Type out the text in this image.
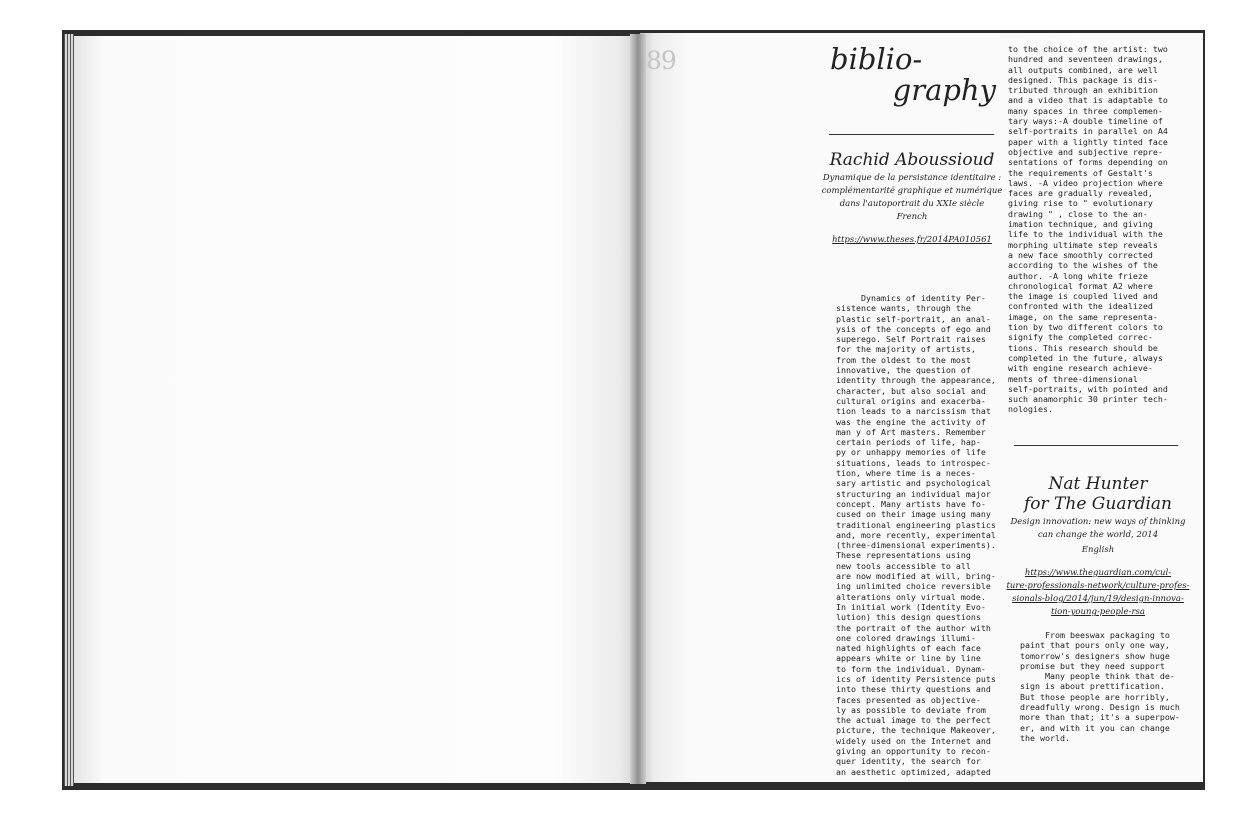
89	biblio-
graphy
Rachid Aboussioud
Dynamique de la persistance identitaire :
complémentarité graphique et numérique
dans l'autoportrait du XXIe siècle
French
https://www.theses.fr/2014PA010561
Dynamics of identity Per-
sistence wants, through the
plastic self-portrait, an anal-
ysis of the concepts of ego and
superego. Self Portrait raises
for the majority of artists,
from the oldest to the most
innovative, the question of
identity through the appearance,
character, but also social and
cultural origins and exacerba-
tion leads to a narcissism that
was the engine the activity of
man y of Art masters. Remember
certain periods of life, hap-
py or unhappy memories of life
situations, leads to introspec-
tion, where time is a neces-
sary artistic and psychological
structuring an individual major
concept. Many artists have fo-
cused on their image using many
traditional engineering plastics
and, more recently, experimental
(three-dimensional experiments).
These representations using
new tools accessible to all
are now modified at will, bring-
ing unlimited choice reversible
alterations only virtual mode.
In initial work (Identity Evo-
lution) this design questions
the portrait of the author with
one colored drawings illumi-
nated highlights of each face
appears white or line by line
to form the individual. Dynam-
ics of identity Persistence puts
into these thirty questions and
faces presented as objective-
ly as possible to deviate from
the actual image to the perfect
picture, the technique Makeover,
widely used on the Internet and
giving an opportunity to recon-
quer identity, the search for
an aesthetic optimized, adapted
to the choice of the artist: two
hundred and seventeen drawings,
all outputs combined, are well
designed. This package is dis-
tributed through an exhibition
and a video that is adaptable to
many spaces in three complemen-
tary ways:-A double timeline of
self-portraits in parallel on A4
paper with a lightly tinted face
objective and subjective repre-
sentations of forms depending on
the requirements of Gestalt's
laws. -A video projection where
faces are gradually revealed,
giving rise to " evolutionary
drawing " , close to the an-
imation technique, and giving
life to the individual with the
morphing ultimate step reveals
a new face smoothly corrected
according to the wishes of the
author. -A long white frieze
chronological format A2 where
the image is coupled lived and
confronted with the idealized
image, on the same representa-
tion by two different colors to
signify the completed correc-
tions. This research should be
completed in the future, always
with engine research achieve-
ments of three-dimensional
self-portraits, with pointed and
such anamorphic 30 printer tech-
nologies.
Nat Hunter
for The Guardian
Design innovation: new ways of thinking
can change the world, 2014
English
https://www.theguardian.com/cul-
ture-professionals-network/culture-profes-
sionals-blog/2014/jun/19/design-innova-
tion-young-people-rsa
From beeswax packaging to
paint that pours only one way,
tomorrow's designers show huge
promise but they need support
Many people think that de-
sign is about prettification.
But those people are horribly,
dreadfully wrong. Design is much
more than that; it's a superpow-
er, and with it you can change
the world.
